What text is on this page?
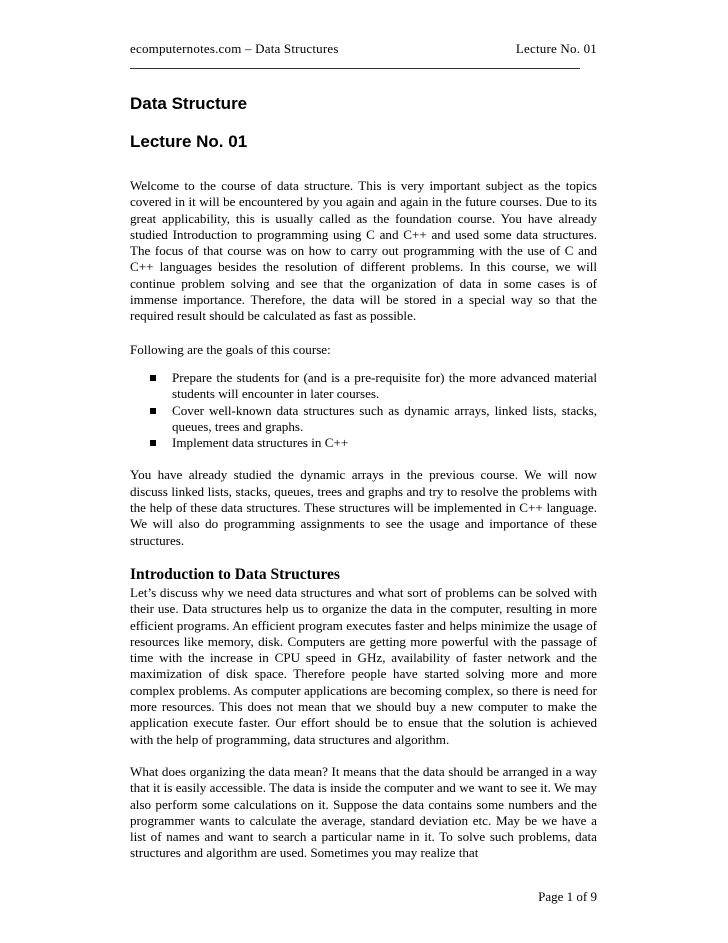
ecomputernotes.com – Data Structures	Lecture No. 01
Data Structure
Lecture No. 01

Welcome to the course of data structure. This is very important subject as the topics covered in it will be encountered by you again and again in the future courses. Due to its great applicability, this is usually called as the foundation course. You have already studied Introduction to programming using C and C++ and used some data structures. The focus of that course was on how to carry out programming with the use of C and C++ languages besides the resolution of different problems. In this course, we will continue problem solving and see that the organization of data in some cases is of immense importance. Therefore, the data will be stored in a special way so that the required result should be calculated as fast as possible.

Following are the goals of this course:

Prepare the students for (and is a pre-requisite for) the more advanced material students will encounter in later courses.
Cover well-known data structures such as dynamic arrays, linked lists, stacks, queues, trees and graphs.
Implement data structures in C++

You have already studied the dynamic arrays in the previous course. We will now discuss linked lists, stacks, queues, trees and graphs and try to resolve the problems with the help of these data structures. These structures will be implemented in C++ language. We will also do programming assignments to see the usage and importance of these structures.

Introduction to Data Structures

Let’s discuss why we need data structures and what sort of problems can be solved with their use. Data structures help us to organize the data in the computer, resulting in more efficient programs. An efficient program executes faster and helps minimize the usage of resources like memory, disk. Computers are getting more powerful with the passage of time with the increase in CPU speed in GHz, availability of faster network and the maximization of disk space. Therefore people have started solving more and more complex problems. As computer applications are becoming complex, so there is need for more resources. This does not mean that we should buy a new computer to make the application execute faster. Our effort should be to ensue that the solution is achieved with the help of programming, data structures and algorithm.

What does organizing the data mean? It means that the data should be arranged in a way that it is easily accessible. The data is inside the computer and we want to see it. We may also perform some calculations on it. Suppose the data contains some numbers and the programmer wants to calculate the average, standard deviation etc. May be we have a list of names and want to search a particular name in it. To solve such problems, data structures and algorithm are used. Sometimes you may realize that

Page 1 of 9
